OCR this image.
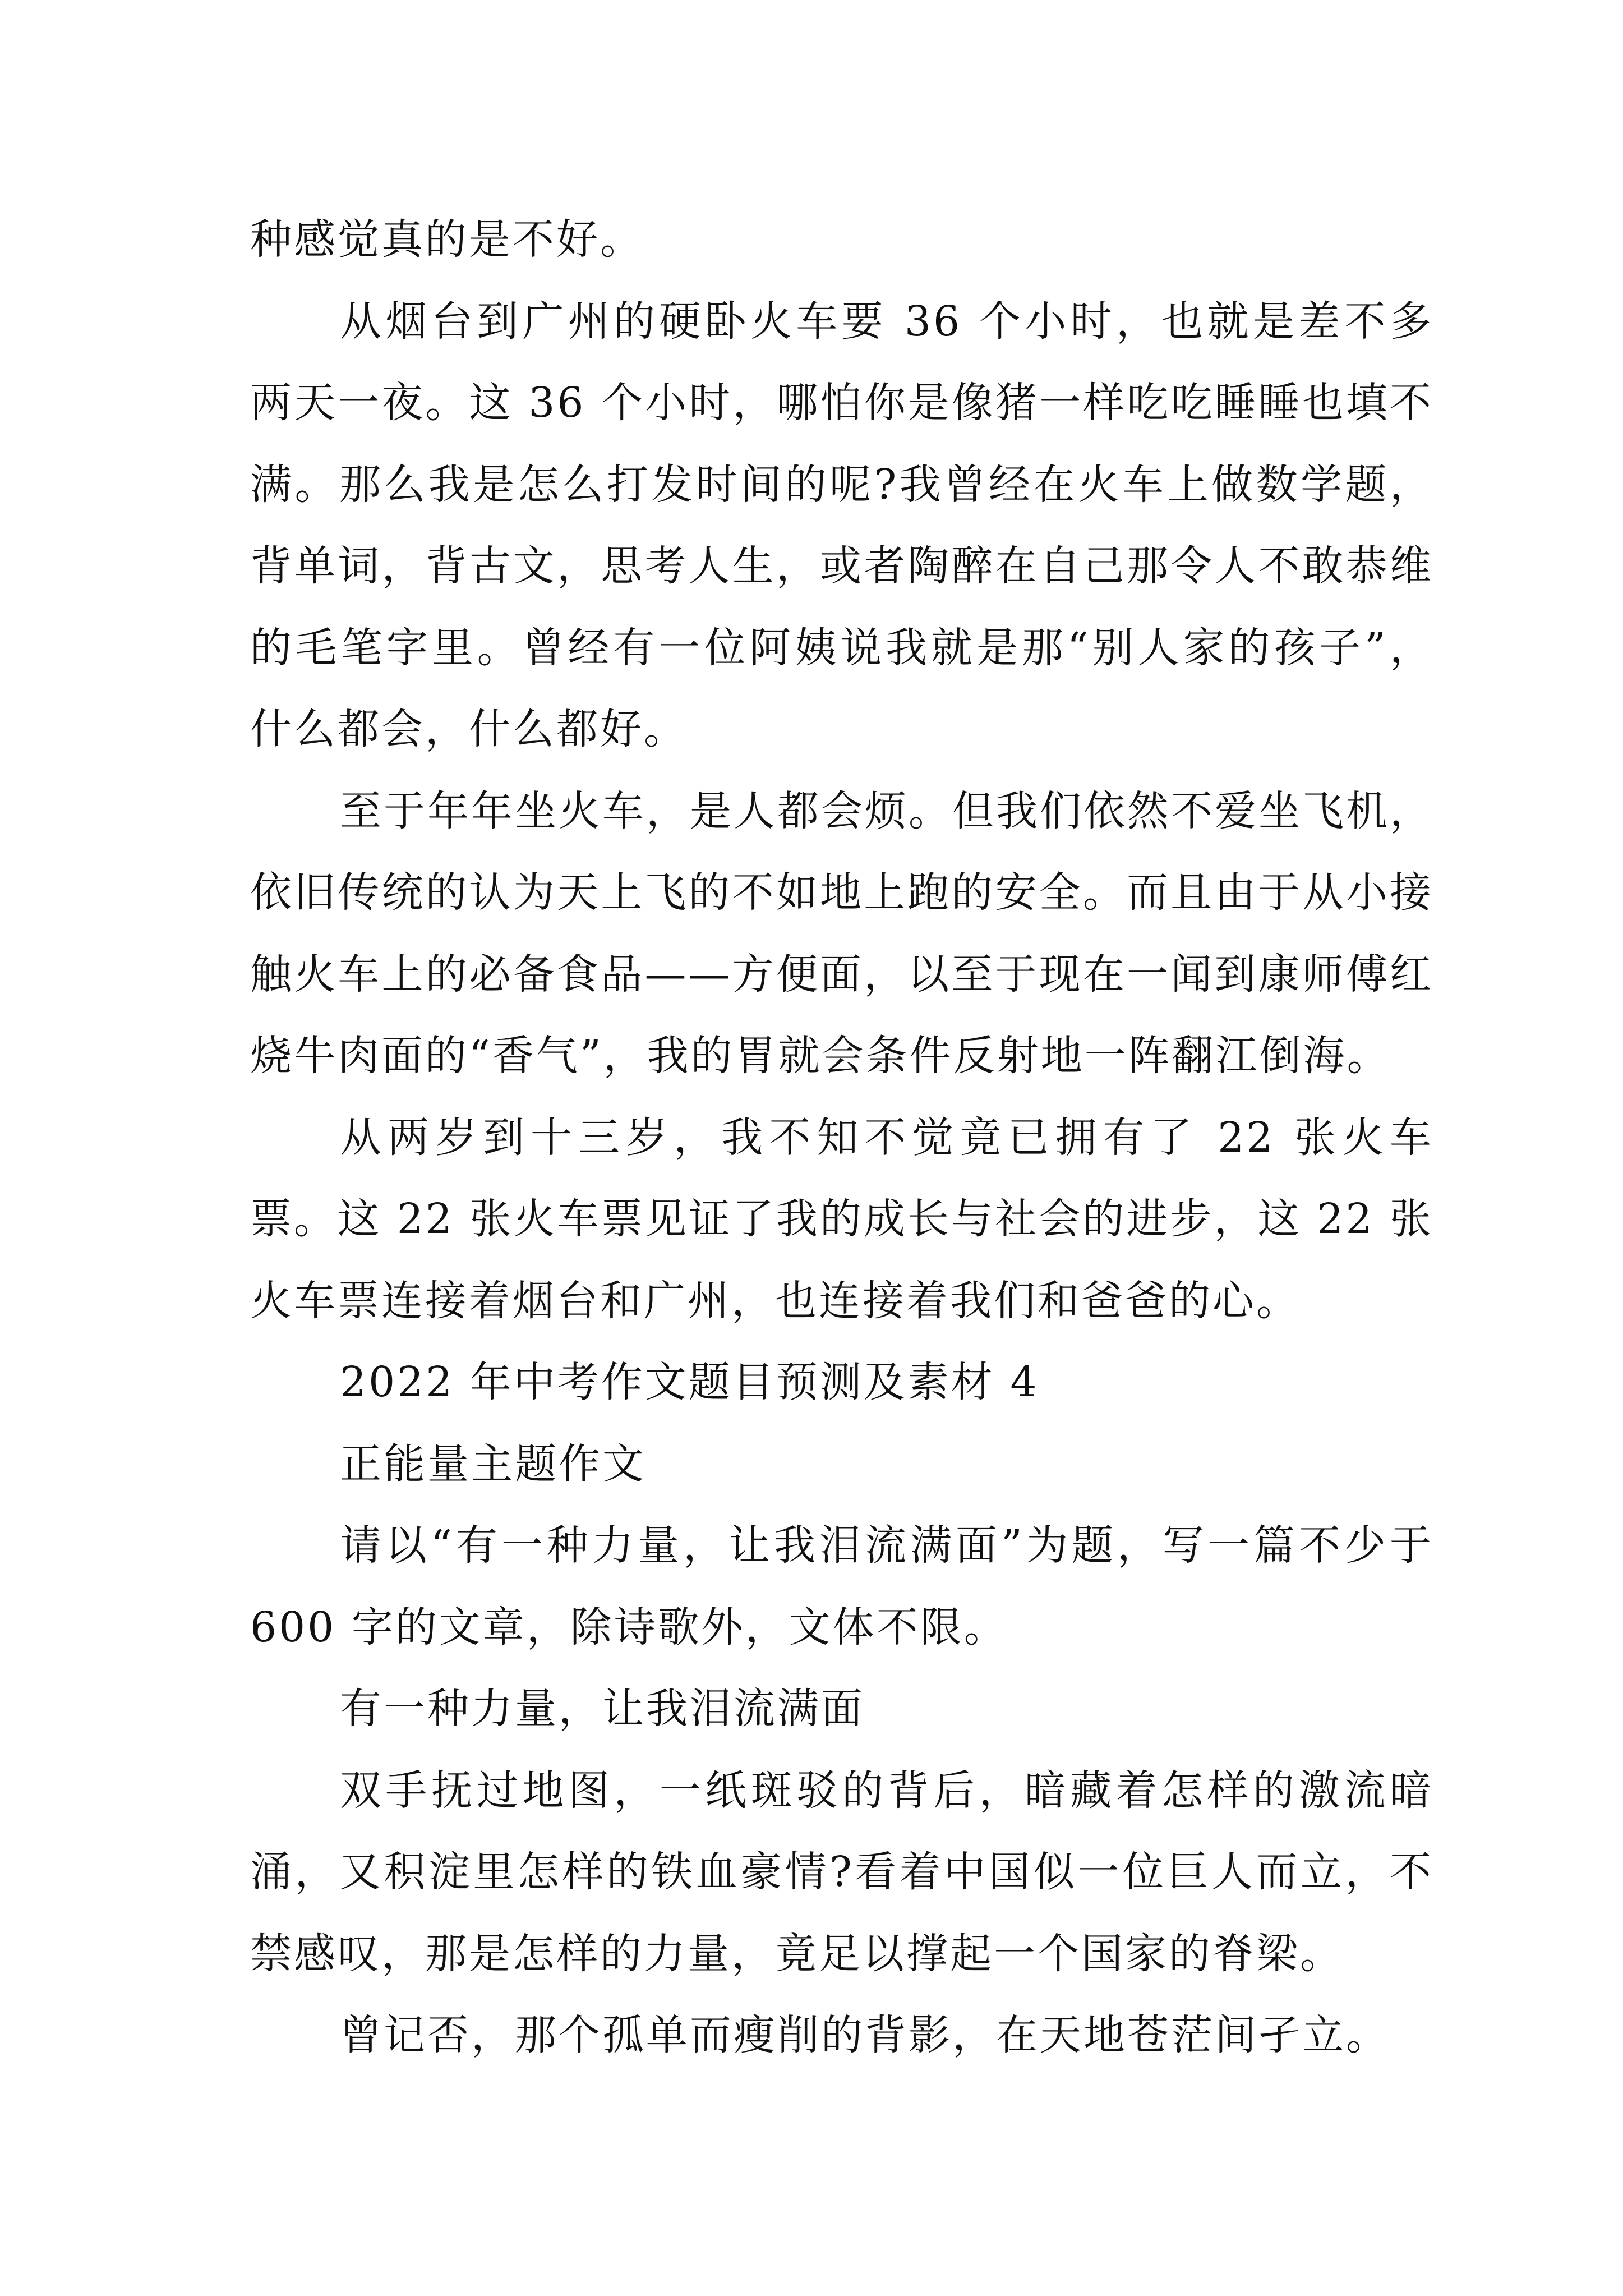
种感觉真的是不好。

从烟台到广州的硬卧火车要 36 个小时，也就是差不多两天一夜。这 36 个小时，哪怕你是像猪一样吃吃睡睡也填不满。那么我是怎么打发时间的呢?我曾经在火车上做数学题，背单词，背古文，思考人生，或者陶醉在自己那令人不敢恭维的毛笔字里。曾经有一位阿姨说我就是那“别人家的孩子”，什么都会，什么都好。

至于年年坐火车，是人都会烦。但我们依然不爱坐飞机，依旧传统的认为天上飞的不如地上跑的安全。而且由于从小接触火车上的必备食品——方便面，以至于现在一闻到康师傅红烧牛肉面的“香气”，我的胃就会条件反射地一阵翻江倒海。

从两岁到十三岁，我不知不觉竟已拥有了 22 张火车票。这 22 张火车票见证了我的成长与社会的进步，这 22 张火车票连接着烟台和广州，也连接着我们和爸爸的心。

2022 年中考作文题目预测及素材 4

正能量主题作文

请以“有一种力量，让我泪流满面”为题，写一篇不少于 600 字的文章，除诗歌外，文体不限。

有一种力量，让我泪流满面

双手抚过地图，一纸斑驳的背后，暗藏着怎样的激流暗涌，又积淀里怎样的铁血豪情?看着中国似一位巨人而立，不禁感叹，那是怎样的力量，竟足以撑起一个国家的脊梁。

曾记否，那个孤单而瘦削的背影，在天地苍茫间孑立。
